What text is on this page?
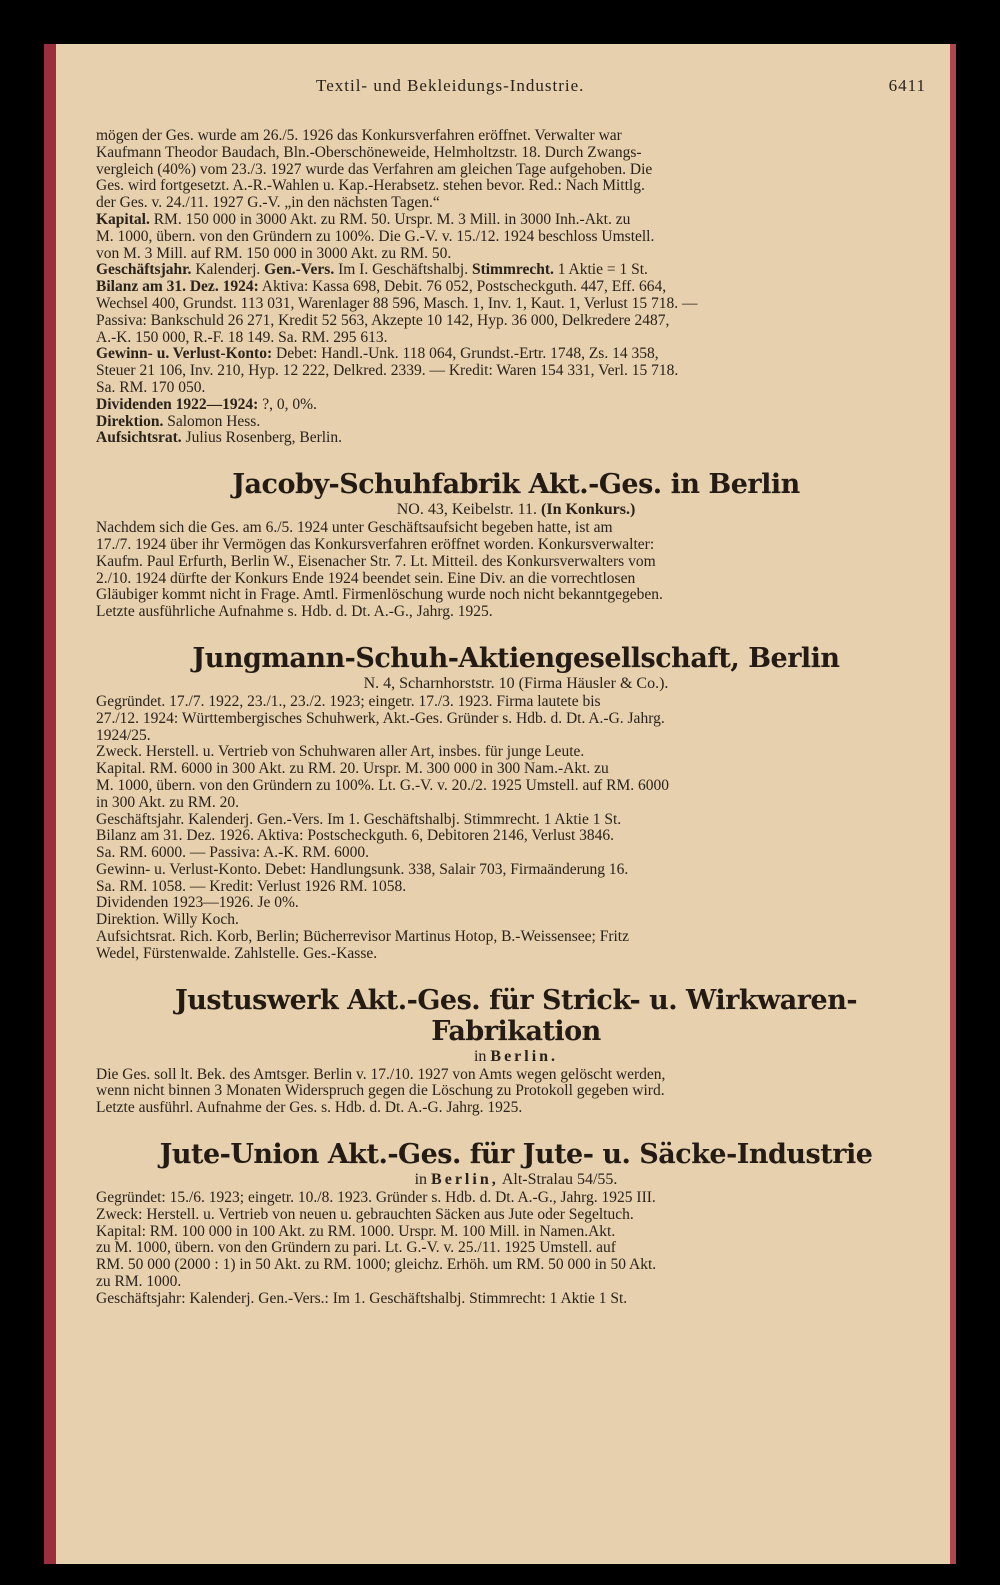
Textil- und Bekleidungs-Industrie.	6411

mögen der Ges. wurde am 26./5. 1926 das Konkursverfahren eröffnet. Verwalter war

Kaufmann Theodor Baudach, Bln.-Oberschöneweide, Helmholtzstr. 18. Durch Zwangs-

vergleich (40%) vom 23./3. 1927 wurde das Verfahren am gleichen Tage aufgehoben. Die

Ges. wird fortgesetzt. A.-R.-Wahlen u. Kap.-Herabsetz. stehen bevor. Red.: Nach Mittlg.

der Ges. v. 24./11. 1927 G.-V. „in den nächsten Tagen.“

Kapital. RM. 150 000 in 3000 Akt. zu RM. 50. Urspr. M. 3 Mill. in 3000 Inh.-Akt. zu

M. 1000, übern. von den Gründern zu 100%. Die G.-V. v. 15./12. 1924 beschloss Umstell.

von M. 3 Mill. auf RM. 150 000 in 3000 Akt. zu RM. 50.

Geschäftsjahr. Kalenderj. Gen.-Vers. Im I. Geschäftshalbj. Stimmrecht. 1 Aktie = 1 St.

Bilanz am 31. Dez. 1924: Aktiva: Kassa 698, Debit. 76 052, Postscheckguth. 447, Eff. 664,

Wechsel 400, Grundst. 113 031, Warenlager 88 596, Masch. 1, Inv. 1, Kaut. 1, Verlust 15 718. —

Passiva: Bankschuld 26 271, Kredit 52 563, Akzepte 10 142, Hyp. 36 000, Delkredere 2487,

A.-K. 150 000, R.-F. 18 149. Sa. RM. 295 613.

Gewinn- u. Verlust-Konto: Debet: Handl.-Unk. 118 064, Grundst.-Ertr. 1748, Zs. 14 358,

Steuer 21 106, Inv. 210, Hyp. 12 222, Delkred. 2339. — Kredit: Waren 154 331, Verl. 15 718.

Sa. RM. 170 050.

Dividenden 1922—1924: ?, 0, 0%.

Direktion. Salomon Hess.

Aufsichtsrat. Julius Rosenberg, Berlin.

Jacoby-Schuhfabrik Akt.-Ges. in Berlin

NO. 43, Keibelstr. 11. (In Konkurs.)

Nachdem sich die Ges. am 6./5. 1924 unter Geschäftsaufsicht begeben hatte, ist am

17./7. 1924 über ihr Vermögen das Konkursverfahren eröffnet worden. Konkursverwalter:

Kaufm. Paul Erfurth, Berlin W., Eisenacher Str. 7. Lt. Mitteil. des Konkursverwalters vom

2./10. 1924 dürfte der Konkurs Ende 1924 beendet sein. Eine Div. an die vorrechtlosen

Gläubiger kommt nicht in Frage. Amtl. Firmenlöschung wurde noch nicht bekanntgegeben.

Letzte ausführliche Aufnahme s. Hdb. d. Dt. A.-G., Jahrg. 1925.

Jungmann-Schuh-Aktiengesellschaft, Berlin

N. 4, Scharnhorststr. 10 (Firma Häusler & Co.).

Gegründet. 17./7. 1922, 23./1., 23./2. 1923; eingetr. 17./3. 1923. Firma lautete bis

27./12. 1924: Württembergisches Schuhwerk, Akt.-Ges. Gründer s. Hdb. d. Dt. A.-G. Jahrg.

1924/25.

Zweck. Herstell. u. Vertrieb von Schuhwaren aller Art, insbes. für junge Leute.

Kapital. RM. 6000 in 300 Akt. zu RM. 20. Urspr. M. 300 000 in 300 Nam.-Akt. zu

M. 1000, übern. von den Gründern zu 100%. Lt. G.-V. v. 20./2. 1925 Umstell. auf RM. 6000

in 300 Akt. zu RM. 20.

Geschäftsjahr. Kalenderj. Gen.-Vers. Im 1. Geschäftshalbj. Stimmrecht. 1 Aktie 1 St.

Bilanz am 31. Dez. 1926. Aktiva: Postscheckguth. 6, Debitoren 2146, Verlust 3846.

Sa. RM. 6000. — Passiva: A.-K. RM. 6000.

Gewinn- u. Verlust-Konto. Debet: Handlungsunk. 338, Salair 703, Firmaänderung 16.

Sa. RM. 1058. — Kredit: Verlust 1926 RM. 1058.

Dividenden 1923—1926. Je 0%.

Direktion. Willy Koch.

Aufsichtsrat. Rich. Korb, Berlin; Bücherrevisor Martinus Hotop, B.-Weissensee; Fritz

Wedel, Fürstenwalde. Zahlstelle. Ges.-Kasse.

Justuswerk Akt.-Ges. für Strick- u. Wirkwaren-Fabrikation

in Berlin.

Die Ges. soll lt. Bek. des Amtsger. Berlin v. 17./10. 1927 von Amts wegen gelöscht werden,

wenn nicht binnen 3 Monaten Widerspruch gegen die Löschung zu Protokoll gegeben wird.

Letzte ausführl. Aufnahme der Ges. s. Hdb. d. Dt. A.-G. Jahrg. 1925.

Jute-Union Akt.-Ges. für Jute- u. Säcke-Industrie

in Berlin, Alt-Stralau 54/55.

Gegründet: 15./6. 1923; eingetr. 10./8. 1923. Gründer s. Hdb. d. Dt. A.-G., Jahrg. 1925 III.

Zweck: Herstell. u. Vertrieb von neuen u. gebrauchten Säcken aus Jute oder Segeltuch.

Kapital: RM. 100 000 in 100 Akt. zu RM. 1000. Urspr. M. 100 Mill. in Namen.Akt.

zu M. 1000, übern. von den Gründern zu pari. Lt. G.-V. v. 25./11. 1925 Umstell. auf

RM. 50 000 (2000 : 1) in 50 Akt. zu RM. 1000; gleichz. Erhöh. um RM. 50 000 in 50 Akt.

zu RM. 1000.

Geschäftsjahr: Kalenderj. Gen.-Vers.: Im 1. Geschäftshalbj. Stimmrecht: 1 Aktie 1 St.
